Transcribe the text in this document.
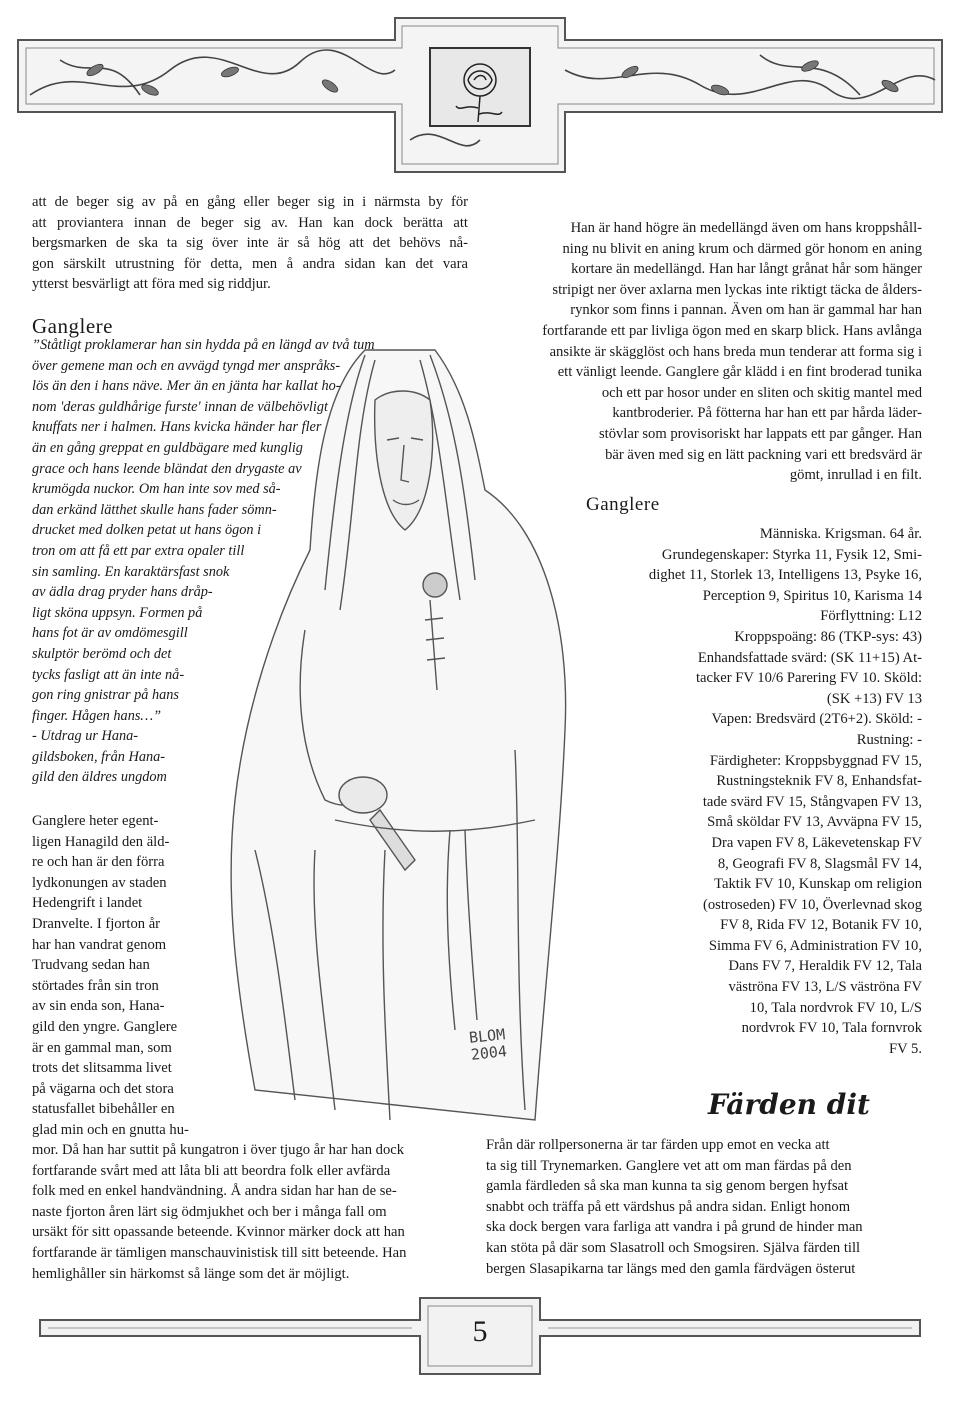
att de beger sig av på en gång eller beger sig in i närmsta by för
att proviantera innan de beger sig av. Han kan dock berätta att
bergsmarken de ska ta sig över inte är så hög att det behövs nå-
gon särskilt utrustning för detta, men å andra sidan kan det vara
ytterst besvärligt att föra med sig riddjur.
Ganglere
”Ståtligt proklamerar han sin hydda på en längd av två tum
över gemene man och en avvägd tyngd mer anspråks-
lös än den i hans näve. Mer än en jänta har kallat ho-
nom 'deras guldhårige furste' innan de välbehövligt
knuffats ner i halmen. Hans kvicka händer har fler
än en gång greppat en guldbägare med kunglig
grace och hans leende bländat den drygaste av
krumögda nuckor. Om han inte sov med så-
dan erkänd lätthet skulle hans fader sömn-
drucket med dolken petat ut hans ögon i
tron om att få ett par extra opaler till
sin samling. En karaktärsfast snok
av ädla drag pryder hans dråp-
ligt sköna uppsyn. Formen på
hans fot är av omdömesgill
skulptör berömd och det
tycks fasligt att än inte nå-
gon ring gnistrar på hans
finger. Hågen hans…”
- Utdrag ur Hana-
gildsboken, från Hana-
gild den äldres ungdom
Ganglere heter egent-
ligen Hanagild den äld-
re och han är den förra
lydkonungen av staden
Hedengrift i landet
Dranvelte. I fjorton år
har han vandrat genom
Trudvang sedan han
störtades från sin tron
av sin enda son, Hana-
gild den yngre. Ganglere
är en gammal man, som
trots det slitsamma livet
på vägarna och det stora
statusfallet bibehåller en
glad min och en gnutta hu-
mor. Då han har suttit på kungatron i över tjugo år har han dock
fortfarande svårt med att låta bli att beordra folk eller avfärda
folk med en enkel handvändning. Å andra sidan har han de se-
naste fjorton åren lärt sig ödmjukhet och ber i många fall om
ursäkt för sitt opassande beteende. Kvinnor märker dock att han
fortfarande är tämligen manschauvinistisk till sitt beteende. Han
hemlighåller sin härkomst så länge som det är möjligt.
Han är hand högre än medellängd även om hans kroppshåll-
ning nu blivit en aning krum och därmed gör honom en aning
kortare än medellängd. Han har långt grånat hår som hänger
stripigt ner över axlarna men lyckas inte riktigt täcka de ålders-
rynkor som finns i pannan. Även om han är gammal har han
fortfarande ett par livliga ögon med en skarp blick. Hans avlånga
ansikte är skägglöst och hans breda mun tenderar att forma sig i
ett vänligt leende. Ganglere går klädd i en fint broderad tunika
och ett par hosor under en sliten och skitig mantel med
kantbroderier. På fötterna har han ett par hårda läder-
stövlar som provisoriskt har lappats ett par gånger. Han
bär även med sig en lätt packning vari ett bredsvärd är
gömt, inrullad i en filt.
Ganglere
Människa. Krigsman. 64 år.
Grundegenskaper: Styrka 11, Fysik 12, Smi-
dighet 11, Storlek 13, Intelligens 13, Psyke 16,
Perception 9, Spiritus 10, Karisma 14
Förflyttning: L12
Kroppspoäng: 86 (TKP-sys: 43)
Enhandsfattade svärd: (SK 11+15) At-
tacker FV 10/6 Parering FV 10. Sköld:
(SK +13) FV 13
Vapen: Bredsvärd (2T6+2). Sköld: -
Rustning: -
Färdigheter: Kroppsbyggnad FV 15,
Rustningsteknik FV 8, Enhandsfat-
tade svärd FV 15, Stångvapen FV 13,
Små sköldar FV 13, Avväpna FV 15,
Dra vapen FV 8, Läkevetenskap FV
8, Geografi FV 8, Slagsmål FV 14,
Taktik FV 10, Kunskap om religion
(ostroseden) FV 10, Överlevnad skog
FV 8, Rida FV 12, Botanik FV 10,
Simma FV 6, Administration FV 10,
Dans FV 7, Heraldik FV 12, Tala
väströna FV 13, L/S väströna FV
10, Tala nordvrok FV 10, L/S
nordvrok FV 10, Tala fornvrok
FV 5.
Färden dit
Från där rollpersonerna är tar färden upp emot en vecka att
ta sig till Trynemarken. Ganglere vet att om man färdas på den
gamla färdleden så ska man kunna ta sig genom bergen hyfsat
snabbt och träffa på ett värdshus på andra sidan. Enligt honom
ska dock bergen vara farliga att vandra i på grund de hinder man
kan stöta på där som Slasatroll och Smogsiren. Själva färden till
bergen Slasapikarna tar längs med den gamla färdvägen österut
BLOM
2004
5
